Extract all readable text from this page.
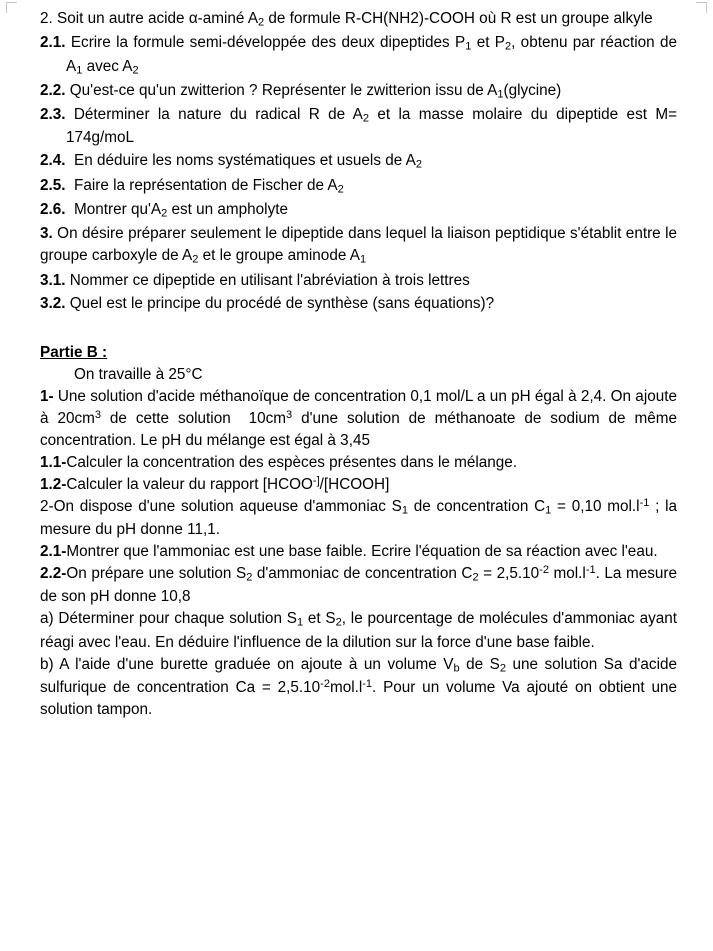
2. Soit un autre acide α-aminé $A_2$ de formule R-CH(NH2)-COOH où R est un groupe alkyle

2.1. Ecrire la formule semi-développée des deux dipeptides $P_1$ et $P_2$, obtenu par réaction de $A_1$ avec $A_2$

2.2. Qu'est-ce qu'un zwitterion ? Représenter le zwitterion issu de $A_1(glycine)$

2.3. Déterminer la nature du radical R de $A_2$ et la masse molaire du dipeptide est M= 174g/moL

2.4.  En déduire les noms systématiques et usuels de $A_2$

2.5.  Faire la représentation de Fischer de $A_2$

2.6.  Montrer $qu'A_2$ est un ampholyte

3. On désire préparer seulement le dipeptide dans lequel la liaison peptidique s'établit entre le groupe carboxyle de $A_2$ et le groupe aminode $A_1$

3.1. Nommer ce dipeptide en utilisant l'abréviation à trois lettres

3.2. Quel est le principe du procédé de synthèse (sans équations)?

Partie B :

On travaille à 25°C

1- Une solution d'acide méthanoïque de concentration 0,1 mol/L a un pH égal à 2,4. On ajoute à $20cm^3$ de cette solution  $10cm^3$ d'une solution de méthanoate de sodium de même concentration. Le pH du mélange est égal à 3,45

1.1-Calculer la concentration des espèces présentes dans le mélange.

1.2-Calculer la valeur du rapport [HCOO-]/[HCOOH]

2-On dispose d'une solution aqueuse d'ammoniac $S_1$ de concentration $C_1 = 0,10$ $mol.l^{-1}$ ; la mesure du pH donne 11,1.

2.1-Montrer que l'ammoniac est une base faible. Ecrire l'équation de sa réaction avec l'eau.

2.2-On prépare une solution $S_2$ d'ammoniac de concentration $C_2 = 2,5.10^{-2}$ $mol.l^{-1}$. La mesure de son pH donne 10,8

a) Déterminer pour chaque solution $S_1$ et $S_2$, le pourcentage de molécules d'ammoniac ayant réagi avec l'eau. En déduire l'influence de la dilution sur la force d'une base faible.

b) A l'aide d'une burette graduée on ajoute à un volume $V_b$ de $S_2$ une solution Sa d'acide sulfurique de concentration $Ca = 2,5.10^{-2}mol.l^{-1}$. Pour un volume Va ajouté on obtient une solution tampon.
